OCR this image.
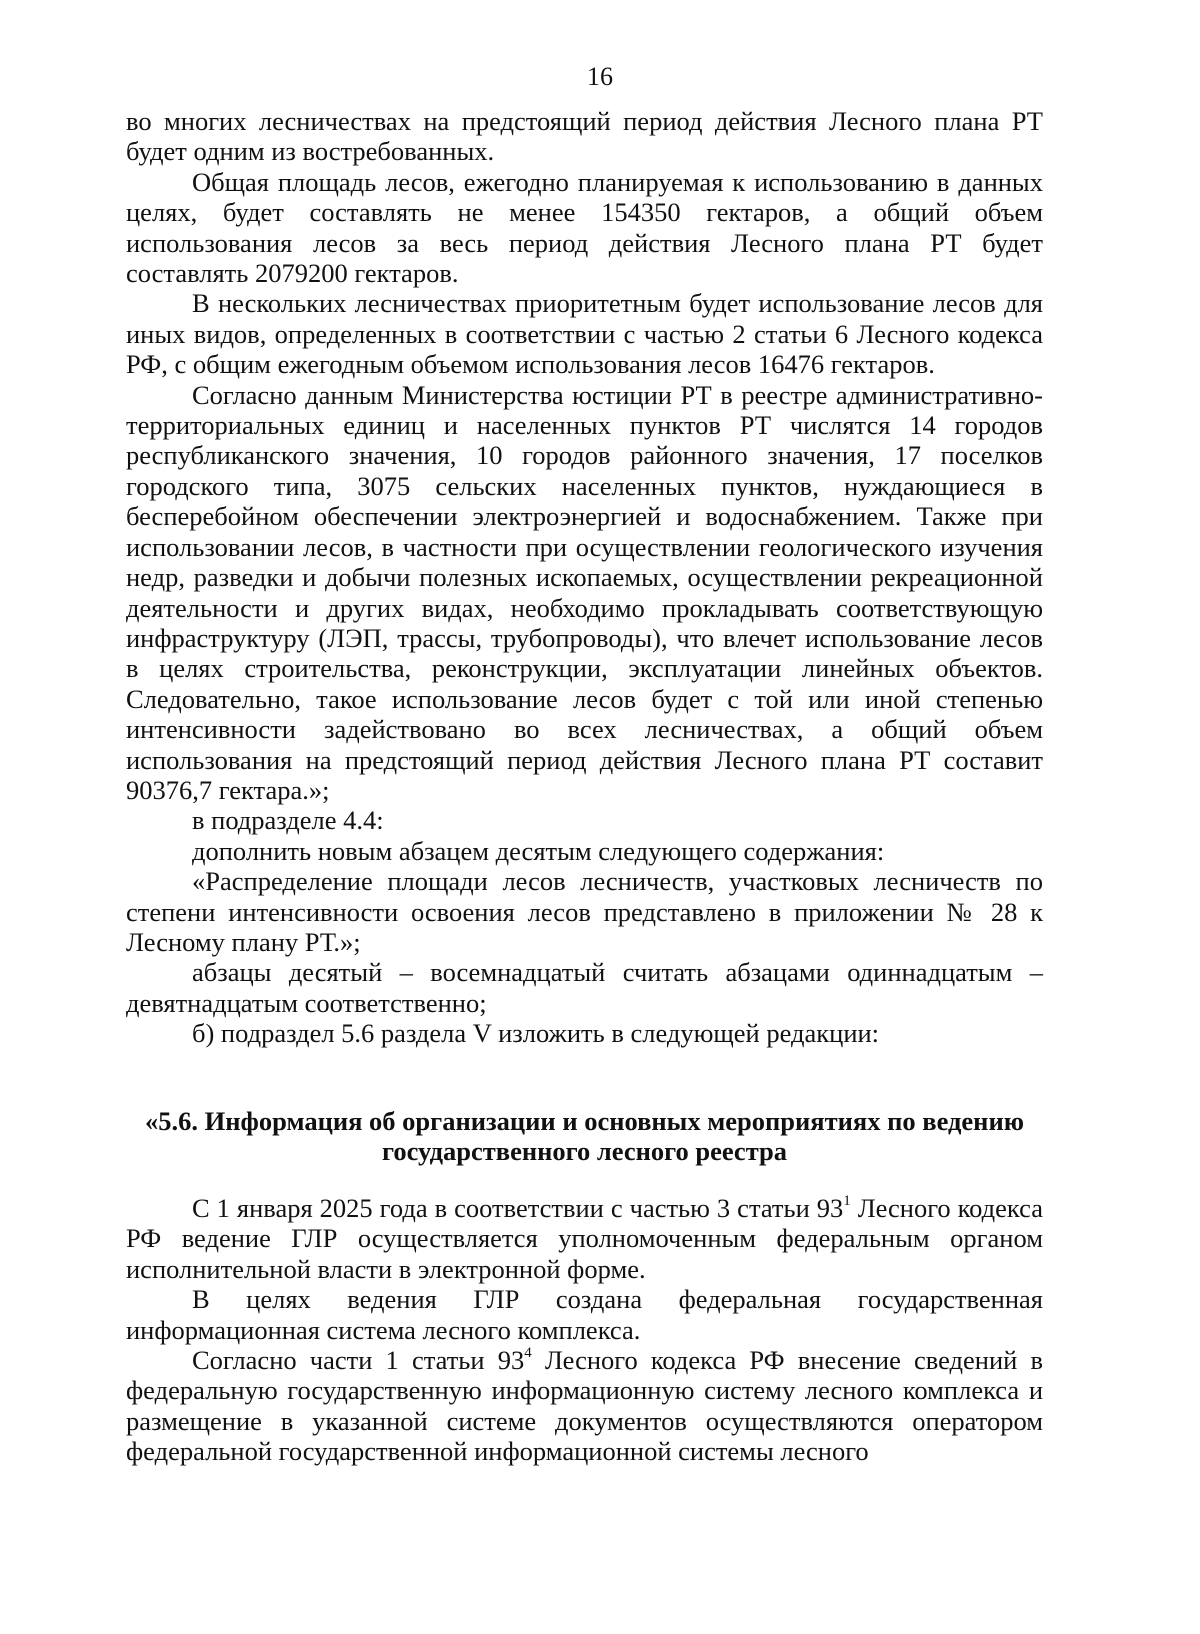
16

во многих лесничествах на предстоящий период действия Лесного плана РТ будет одним из востребованных.

Общая площадь лесов, ежегодно планируемая к использованию в данных целях, будет составлять не менее 154350 гектаров, а общий объем использования лесов за весь период действия Лесного плана РТ будет составлять 2079200 гектаров.

В нескольких лесничествах приоритетным будет использование лесов для иных видов, определенных в соответствии с частью 2 статьи 6 Лесного кодекса РФ, с общим ежегодным объемом использования лесов 16476 гектаров.

Согласно данным Министерства юстиции РТ в реестре административно-территориальных единиц и населенных пунктов РТ числятся 14 городов республиканского значения, 10 городов районного значения, 17 поселков городского типа, 3075 сельских населенных пунктов, нуждающиеся в бесперебойном обеспечении электроэнергией и водоснабжением. Также при использовании лесов, в частности при осуществлении геологического изучения недр, разведки и добычи полезных ископаемых, осуществлении рекреационной деятельности и других видах, необходимо прокладывать соответствующую инфраструктуру (ЛЭП, трассы, трубопроводы), что влечет использование лесов в целях строительства, реконструкции, эксплуатации линейных объектов. Следовательно, такое использование лесов будет с той или иной степенью интенсивности задействовано во всех лесничествах, а общий объем использования на предстоящий период действия Лесного плана РТ составит 90376,7 гектара.»;

в подразделе 4.4:

дополнить новым абзацем десятым следующего содержания:

«Распределение площади лесов лесничеств, участковых лесничеств по степени интенсивности освоения лесов представлено в приложении № 28 к Лесному плану РТ.»;

абзацы десятый – восемнадцатый считать абзацами одиннадцатым – девятнадцатым соответственно;

б) подраздел 5.6 раздела V изложить в следующей редакции:

«5.6. Информация об организации и основных мероприятиях по ведению государственного лесного реестра

С 1 января 2025 года в соответствии с частью 3 статьи $93^1$ Лесного кодекса РФ ведение ГЛР осуществляется уполномоченным федеральным органом исполнительной власти в электронной форме.

В целях ведения ГЛР создана федеральная государственная информационная система лесного комплекса.

Согласно части 1 статьи $93^4$ Лесного кодекса РФ внесение сведений в федеральную государственную информационную систему лесного комплекса и размещение в указанной системе документов осуществляются оператором федеральной государственной информационной системы лесного
